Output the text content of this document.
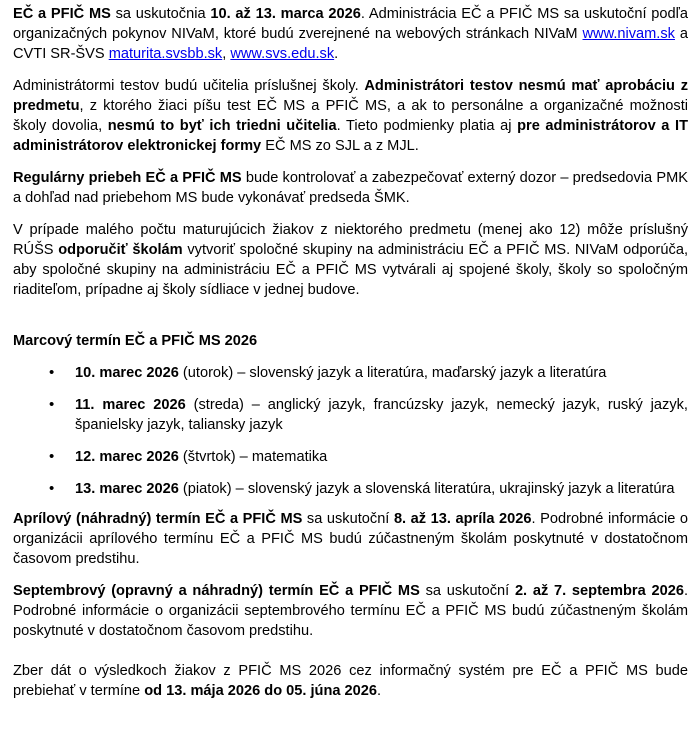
EČ a PFIČ MS sa uskutočnia 10. až 13. marca 2026. Administrácia EČ a PFIČ MS sa uskutoční podľa organizačných pokynov NIVaM, ktoré budú zverejnené na webových stránkach NIVaM www.nivam.sk a CVTI SR-ŠVS maturita.svsbb.sk, www.svs.edu.sk.

Administrátormi testov budú učitelia príslušnej školy. Administrátori testov nesmú mať aprobáciu z predmetu, z ktorého žiaci píšu test EČ MS a PFIČ MS, a ak to personálne a organizačné možnosti školy dovolia, nesmú to byť ich triedni učitelia. Tieto podmienky platia aj pre administrátorov a IT administrátorov elektronickej formy EČ MS zo SJL a z MJL.

Regulárny priebeh EČ a PFIČ MS bude kontrolovať a zabezpečovať externý dozor – predsedovia PMK a dohľad nad priebehom MS bude vykonávať predseda ŠMK.

V prípade malého počtu maturujúcich žiakov z niektorého predmetu (menej ako 12) môže príslušný RÚŠS odporučiť školám vytvoriť spoločné skupiny na administráciu EČ a PFIČ MS. NIVaM odporúča, aby spoločné skupiny na administráciu EČ a PFIČ MS vytvárali aj spojené školy, školy so spoločným riaditeľom, prípadne aj školy sídliace v jednej budove.

Marcový termín EČ a PFIČ MS 2026
•	10. marec 2026 (utorok) – slovenský jazyk a literatúra, maďarský jazyk a literatúra
•	11. marec 2026 (streda) – anglický jazyk, francúzsky jazyk, nemecký jazyk, ruský jazyk, španielsky jazyk, taliansky jazyk
•	12. marec 2026 (štvrtok) – matematika
•	13. marec 2026 (piatok) – slovenský jazyk a slovenská literatúra, ukrajinský jazyk a literatúra

Aprílový (náhradný) termín EČ a PFIČ MS sa uskutoční 8. až 13. apríla 2026. Podrobné informácie o organizácii aprílového termínu EČ a PFIČ MS budú zúčastneným školám poskytnuté v dostatočnom časovom predstihu.

Septembrový (opravný a náhradný) termín EČ a PFIČ MS sa uskutoční 2. až 7. septembra 2026. Podrobné informácie o organizácii septembrového termínu EČ a PFIČ MS budú zúčastneným školám poskytnuté v dostatočnom časovom predstihu.

Zber dát o výsledkoch žiakov z PFIČ MS 2026 cez informačný systém pre EČ a PFIČ MS bude prebiehať v termíne od 13. mája 2026 do 05. júna 2026.
